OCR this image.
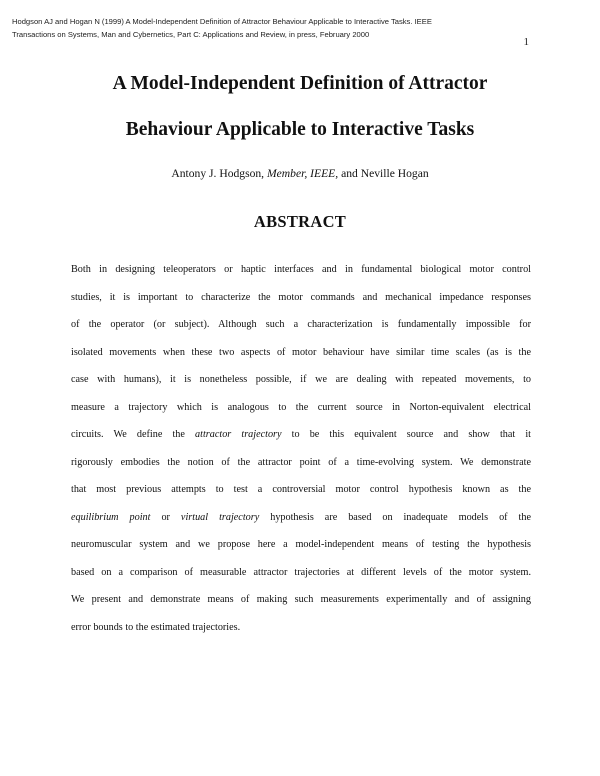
Hodgson AJ and Hogan N (1999) A Model-Independent Definition of Attractor Behaviour Applicable to Interactive Tasks. IEEE
Transactions on Systems, Man and Cybernetics, Part C: Applications and Review, in press, February 2000
1
A Model-Independent Definition of Attractor
Behaviour Applicable to Interactive Tasks
Antony J. Hodgson, Member, IEEE, and Neville Hogan
ABSTRACT
Both in designing teleoperators or haptic interfaces and in fundamental biological motor control
studies, it is important to characterize the motor commands and mechanical impedance responses
of the operator (or subject). Although such a characterization is fundamentally impossible for
isolated movements when these two aspects of motor behaviour have similar time scales (as is the
case with humans), it is nonetheless possible, if we are dealing with repeated movements, to
measure a trajectory which is analogous to the current source in Norton-equivalent electrical
circuits. We define the attractor trajectory to be this equivalent source and show that it
rigorously embodies the notion of the attractor point of a time-evolving system. We demonstrate
that most previous attempts to test a controversial motor control hypothesis known as the
equilibrium point or virtual trajectory hypothesis are based on inadequate models of the
neuromuscular system and we propose here a model-independent means of testing the hypothesis
based on a comparison of measurable attractor trajectories at different levels of the motor system.
We present and demonstrate means of making such measurements experimentally and of assigning
error bounds to the estimated trajectories.
